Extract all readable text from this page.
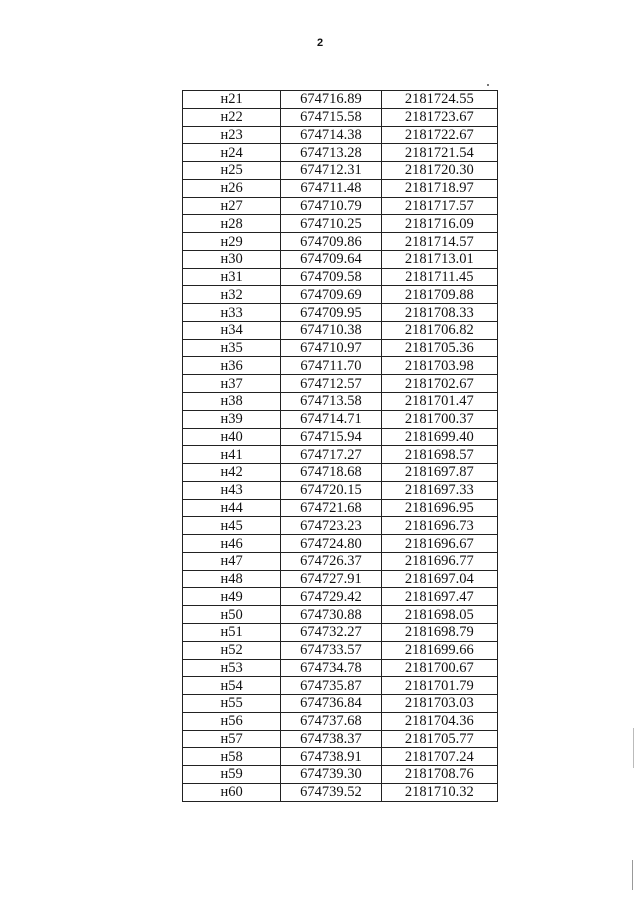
2
н21	674716.89	2181724.55
н22	674715.58	2181723.67
н23	674714.38	2181722.67
н24	674713.28	2181721.54
н25	674712.31	2181720.30
н26	674711.48	2181718.97
н27	674710.79	2181717.57
н28	674710.25	2181716.09
н29	674709.86	2181714.57
н30	674709.64	2181713.01
н31	674709.58	2181711.45
н32	674709.69	2181709.88
н33	674709.95	2181708.33
н34	674710.38	2181706.82
н35	674710.97	2181705.36
н36	674711.70	2181703.98
н37	674712.57	2181702.67
н38	674713.58	2181701.47
н39	674714.71	2181700.37
н40	674715.94	2181699.40
н41	674717.27	2181698.57
н42	674718.68	2181697.87
н43	674720.15	2181697.33
н44	674721.68	2181696.95
н45	674723.23	2181696.73
н46	674724.80	2181696.67
н47	674726.37	2181696.77
н48	674727.91	2181697.04
н49	674729.42	2181697.47
н50	674730.88	2181698.05
н51	674732.27	2181698.79
н52	674733.57	2181699.66
н53	674734.78	2181700.67
н54	674735.87	2181701.79
н55	674736.84	2181703.03
н56	674737.68	2181704.36
н57	674738.37	2181705.77
н58	674738.91	2181707.24
н59	674739.30	2181708.76
н60	674739.52	2181710.32
